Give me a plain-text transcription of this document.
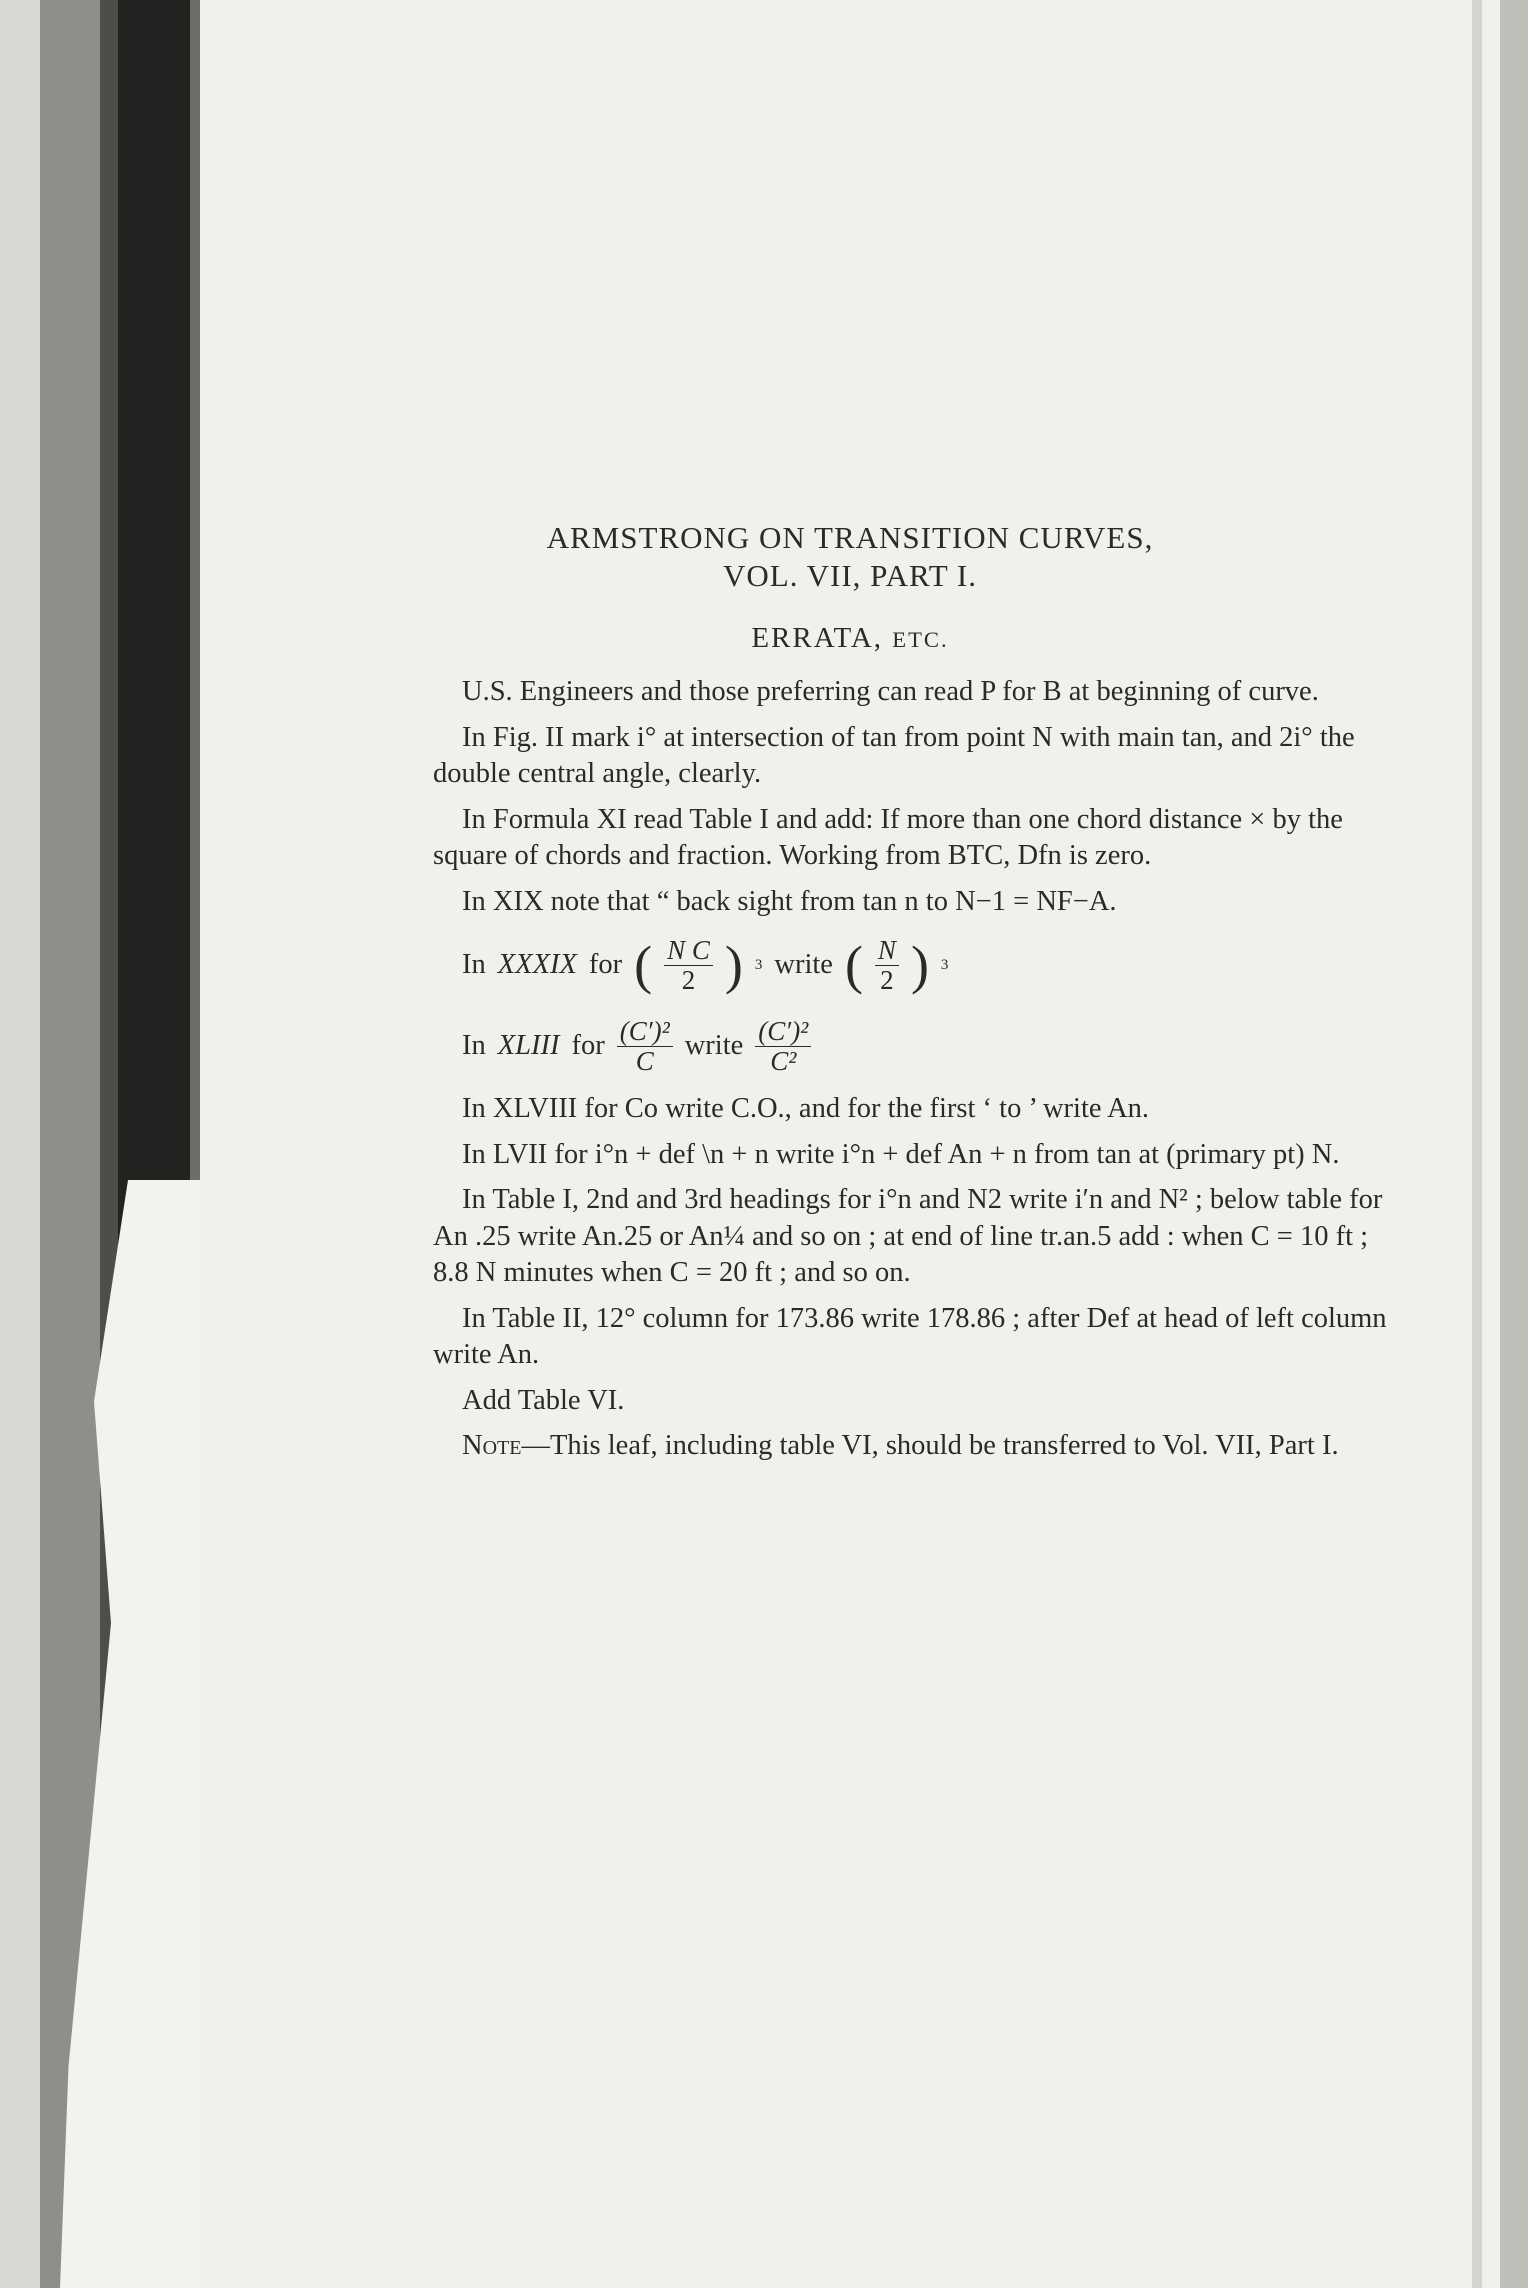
ARMSTRONG ON TRANSITION CURVES,
VOL. VII, PART I.
ERRATA, ETC.

U.S. Engineers and those preferring can read P for B at beginning of curve.

In Fig. II mark i° at intersection of tan from point N with main tan, and 2i° the double central angle, clearly.

In Formula XI read Table I and add: If more than one chord distance × by the square of chords and fraction. Working from BTC, Dfn is zero.

In XIX note that “ back sight from tan n to N−1 = NF−A.

In XXXIX for ( $\frac{\text{N C}}{2}$ ) 3 write ( $\frac{N}{2}$ ) 3
In XLIII for $\frac{\text{(C′)²}}{C}$ write $\frac{\text{(C′)²}}{\text{C²}}$

In XLVIII for Co write C.O., and for the first ‘ to ’ write An.

In LVII for i°n + def \n + n write i°n + def An + n from tan at (primary pt) N.

In Table I, 2nd and 3rd headings for i°n and N2 write i′n and N² ; below table for An .25 write An.25 or An¼ and so on ; at end of line tr.an.5 add : when C = 10 ft ; 8.8 N minutes when C = 20 ft ; and so on.

In Table II, 12° column for 173.86 write 178.86 ; after Def at head of left column write An.

Add Table VI.

Note—This leaf, including table VI, should be transferred to Vol. VII, Part I.
